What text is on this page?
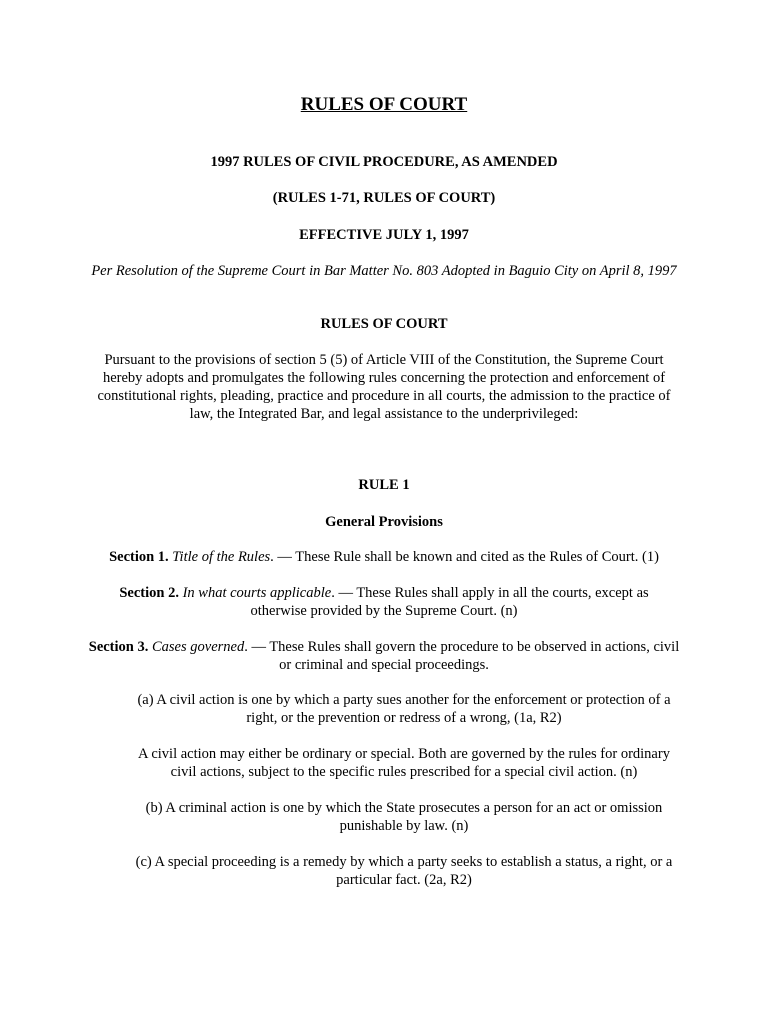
RULES OF COURT

1997 RULES OF CIVIL PROCEDURE, AS AMENDED

(RULES 1-71, RULES OF COURT)

EFFECTIVE JULY 1, 1997

Per Resolution of the Supreme Court in Bar Matter No. 803 Adopted in Baguio City on April 8, 1997

RULES OF COURT

Pursuant to the provisions of section 5 (5) of Article VIII of the Constitution, the Supreme Court hereby adopts and promulgates the following rules concerning the protection and enforcement of constitutional rights, pleading, practice and procedure in all courts, the admission to the practice of law, the Integrated Bar, and legal assistance to the underprivileged:

RULE 1

General Provisions

Section 1. Title of the Rules. — These Rule shall be known and cited as the Rules of Court. (1)

Section 2. In what courts applicable. — These Rules shall apply in all the courts, except as otherwise provided by the Supreme Court. (n)

Section 3. Cases governed. — These Rules shall govern the procedure to be observed in actions, civil or criminal and special proceedings.

(a) A civil action is one by which a party sues another for the enforcement or protection of a right, or the prevention or redress of a wrong, (1a, R2)

A civil action may either be ordinary or special. Both are governed by the rules for ordinary civil actions, subject to the specific rules prescribed for a special civil action. (n)

(b) A criminal action is one by which the State prosecutes a person for an act or omission punishable by law. (n)

(c) A special proceeding is a remedy by which a party seeks to establish a status, a right, or a particular fact. (2a, R2)
